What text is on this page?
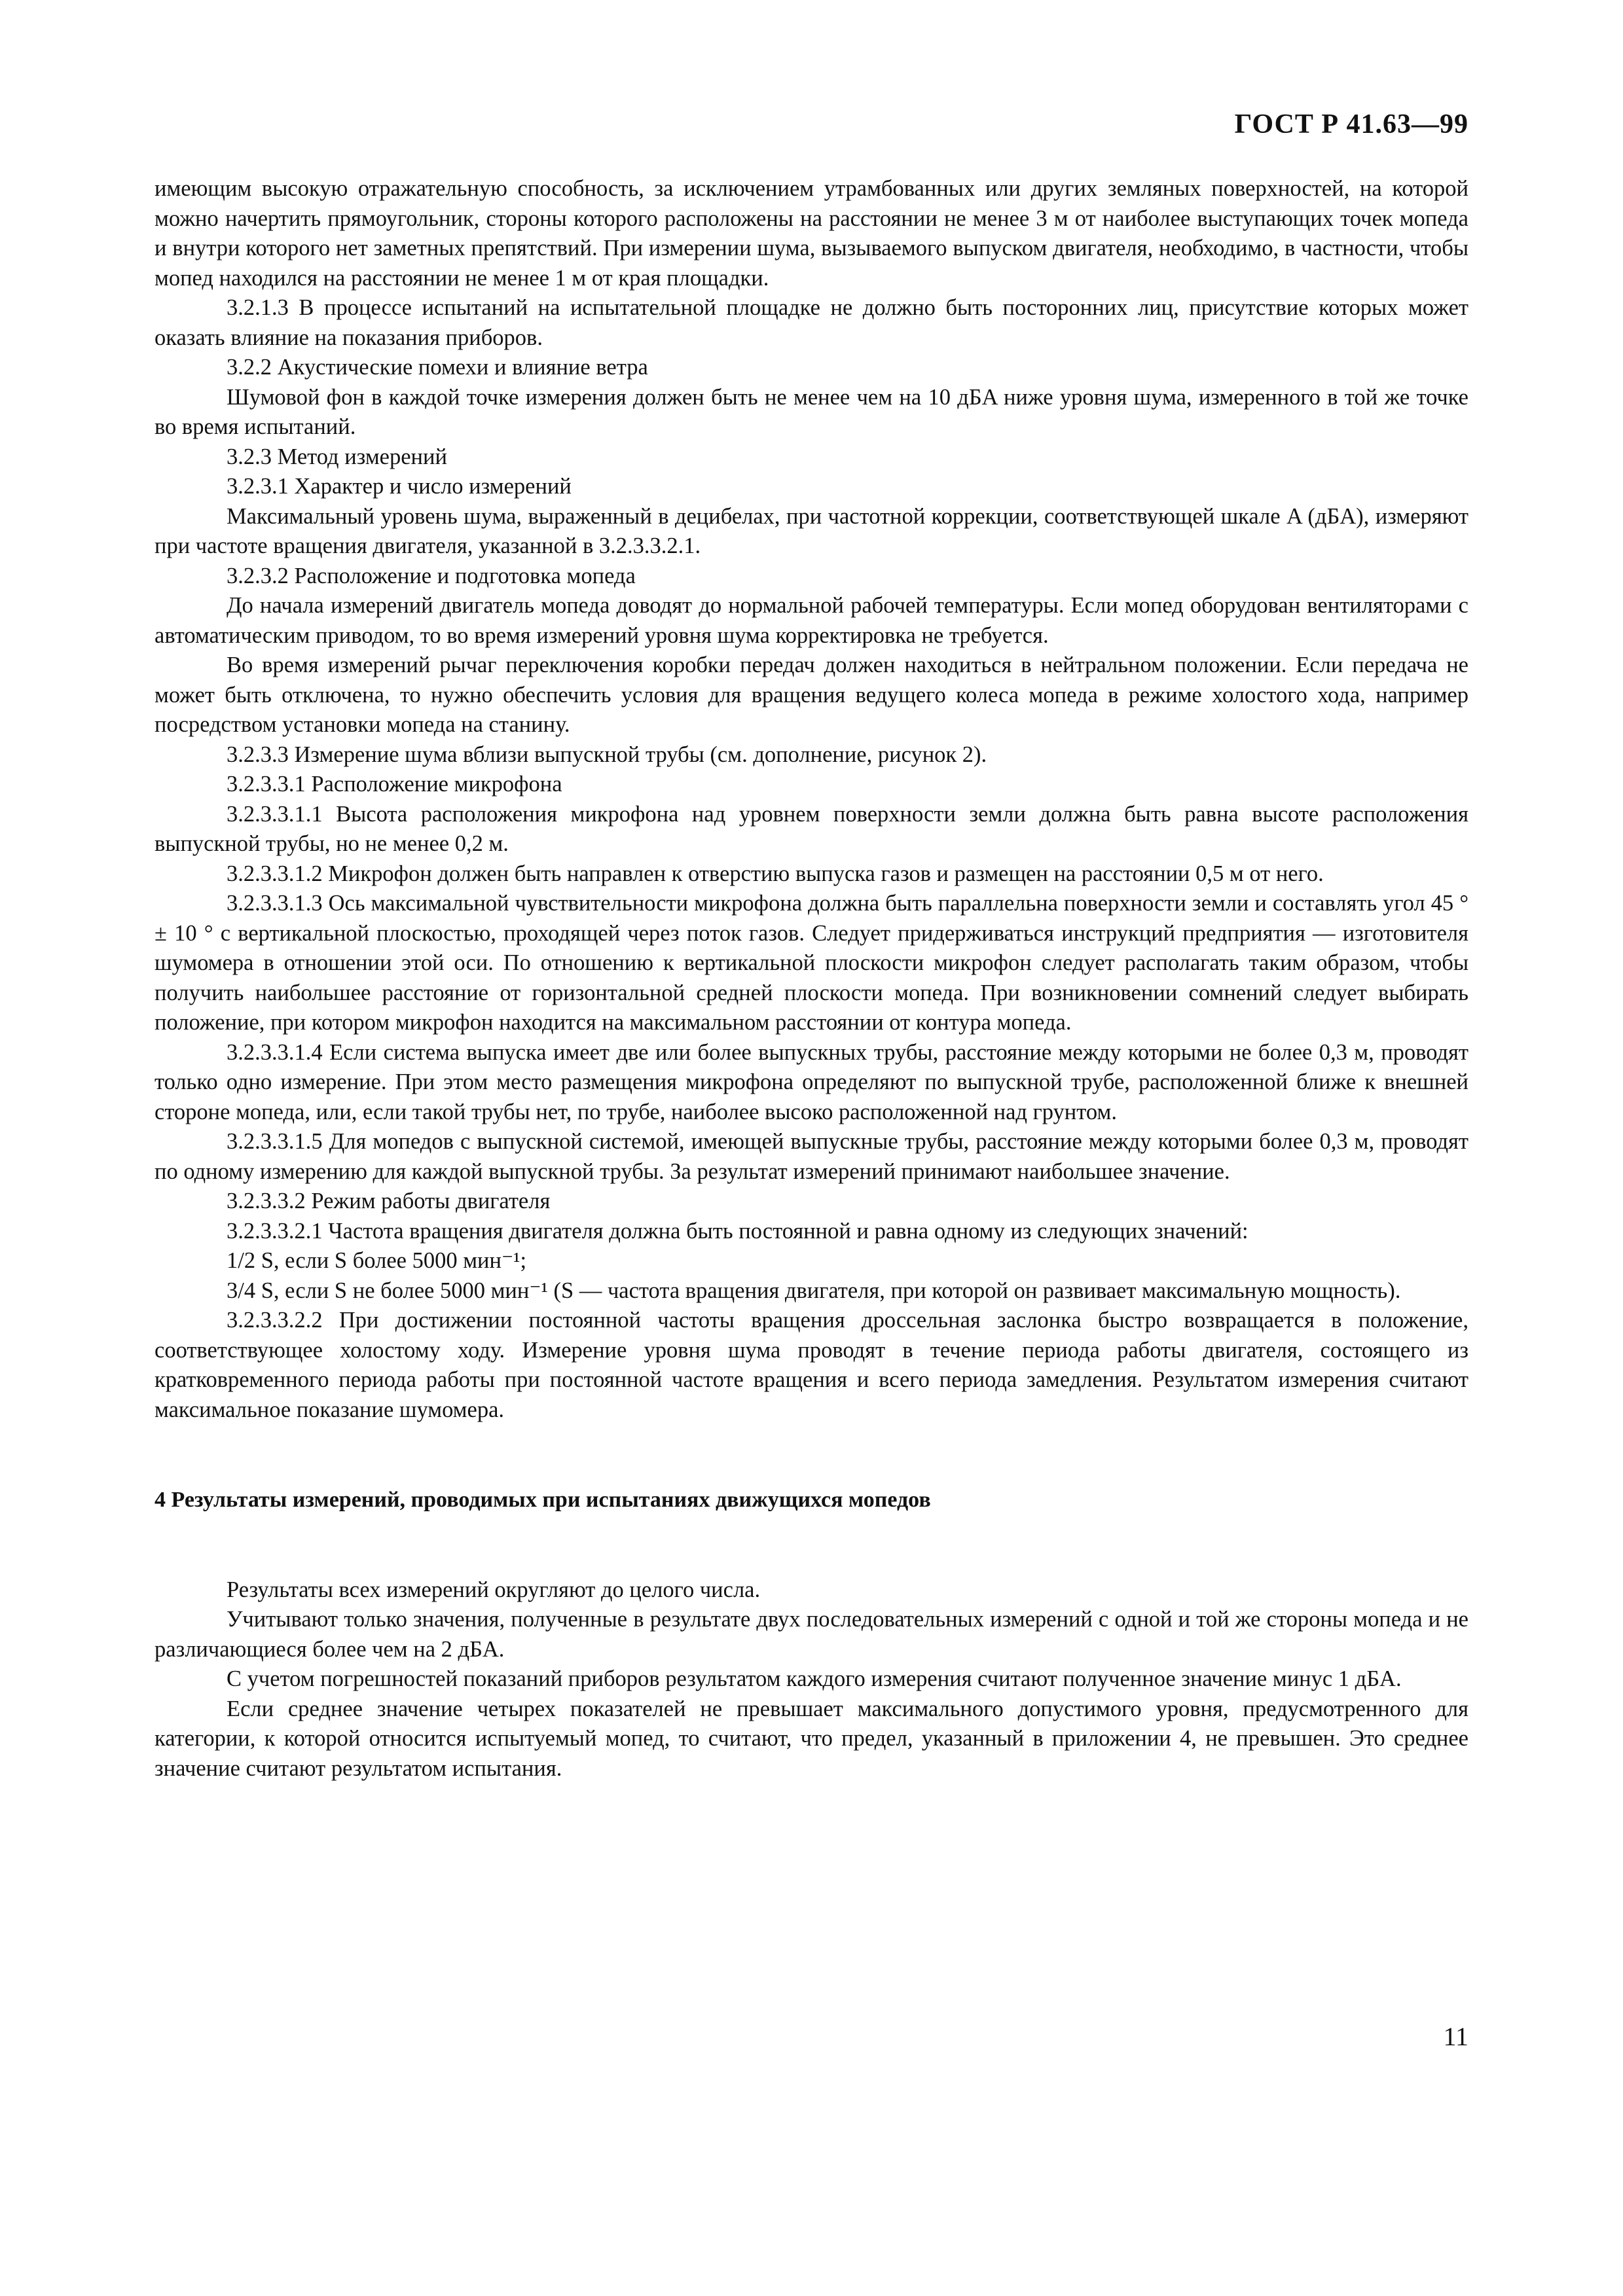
ГОСТ Р 41.63—99

имеющим высокую отражательную способность, за исключением утрамбованных или других земляных поверхностей, на которой можно начертить прямоугольник, стороны которого расположены на расстоянии не менее 3 м от наиболее выступающих точек мопеда и внутри которого нет заметных препятствий. При измерении шума, вызываемого выпуском двигателя, необходимо, в частности, чтобы мопед находился на расстоянии не менее 1 м от края площадки.

3.2.1.3 В процессе испытаний на испытательной площадке не должно быть посторонних лиц, присутствие которых может оказать влияние на показания приборов.

3.2.2 Акустические помехи и влияние ветра

Шумовой фон в каждой точке измерения должен быть не менее чем на 10 дБA ниже уровня шума, измеренного в той же точке во время испытаний.

3.2.3 Метод измерений

3.2.3.1 Характер и число измерений

Максимальный уровень шума, выраженный в децибелах, при частотной коррекции, соответствующей шкале A (дБA), измеряют при частоте вращения двигателя, указанной в 3.2.3.3.2.1.

3.2.3.2 Расположение и подготовка мопеда

До начала измерений двигатель мопеда доводят до нормальной рабочей температуры. Если мопед оборудован вентиляторами с автоматическим приводом, то во время измерений уровня шума корректировка не требуется.

Во время измерений рычаг переключения коробки передач должен находиться в нейтральном положении. Если передача не может быть отключена, то нужно обеспечить условия для вращения ведущего колеса мопеда в режиме холостого хода, например посредством установки мопеда на станину.

3.2.3.3 Измерение шума вблизи выпускной трубы (см. дополнение, рисунок 2).

3.2.3.3.1 Расположение микрофона

3.2.3.3.1.1 Высота расположения микрофона над уровнем поверхности земли должна быть равна высоте расположения выпускной трубы, но не менее 0,2 м.

3.2.3.3.1.2 Микрофон должен быть направлен к отверстию выпуска газов и размещен на расстоянии 0,5 м от него.

3.2.3.3.1.3 Ось максимальной чувствительности микрофона должна быть параллельна поверхности земли и составлять угол 45 ° ± 10 ° с вертикальной плоскостью, проходящей через поток газов. Следует придерживаться инструкций предприятия — изготовителя шумомера в отношении этой оси. По отношению к вертикальной плоскости микрофон следует располагать таким образом, чтобы получить наибольшее расстояние от горизонтальной средней плоскости мопеда. При возникновении сомнений следует выбирать положение, при котором микрофон находится на максимальном расстоянии от контура мопеда.

3.2.3.3.1.4 Если система выпуска имеет две или более выпускных трубы, расстояние между которыми не более 0,3 м, проводят только одно измерение. При этом место размещения микрофона определяют по выпускной трубе, расположенной ближе к внешней стороне мопеда, или, если такой трубы нет, по трубе, наиболее высоко расположенной над грунтом.

3.2.3.3.1.5 Для мопедов с выпускной системой, имеющей выпускные трубы, расстояние между которыми более 0,3 м, проводят по одному измерению для каждой выпускной трубы. За результат измерений принимают наибольшее значение.

3.2.3.3.2 Режим работы двигателя

3.2.3.3.2.1 Частота вращения двигателя должна быть постоянной и равна одному из следующих значений:

1/2 S, если S более 5000 мин⁻¹;

3/4 S, если S не более 5000 мин⁻¹ (S — частота вращения двигателя, при которой он развивает максимальную мощность).

3.2.3.3.2.2 При достижении постоянной частоты вращения дроссельная заслонка быстро возвращается в положение, соответствующее холостому ходу. Измерение уровня шума проводят в течение периода работы двигателя, состоящего из кратковременного периода работы при постоянной частоте вращения и всего периода замедления. Результатом измерения считают максимальное показание шумомера.

4 Результаты измерений, проводимых при испытаниях движущихся мопедов

Результаты всех измерений округляют до целого числа.

Учитывают только значения, полученные в результате двух последовательных измерений с одной и той же стороны мопеда и не различающиеся более чем на 2 дБA.

С учетом погрешностей показаний приборов результатом каждого измерения считают полученное значение минус 1 дБA.

Если среднее значение четырех показателей не превышает максимального допустимого уровня, предусмотренного для категории, к которой относится испытуемый мопед, то считают, что предел, указанный в приложении 4, не превышен. Это среднее значение считают результатом испытания.

11
